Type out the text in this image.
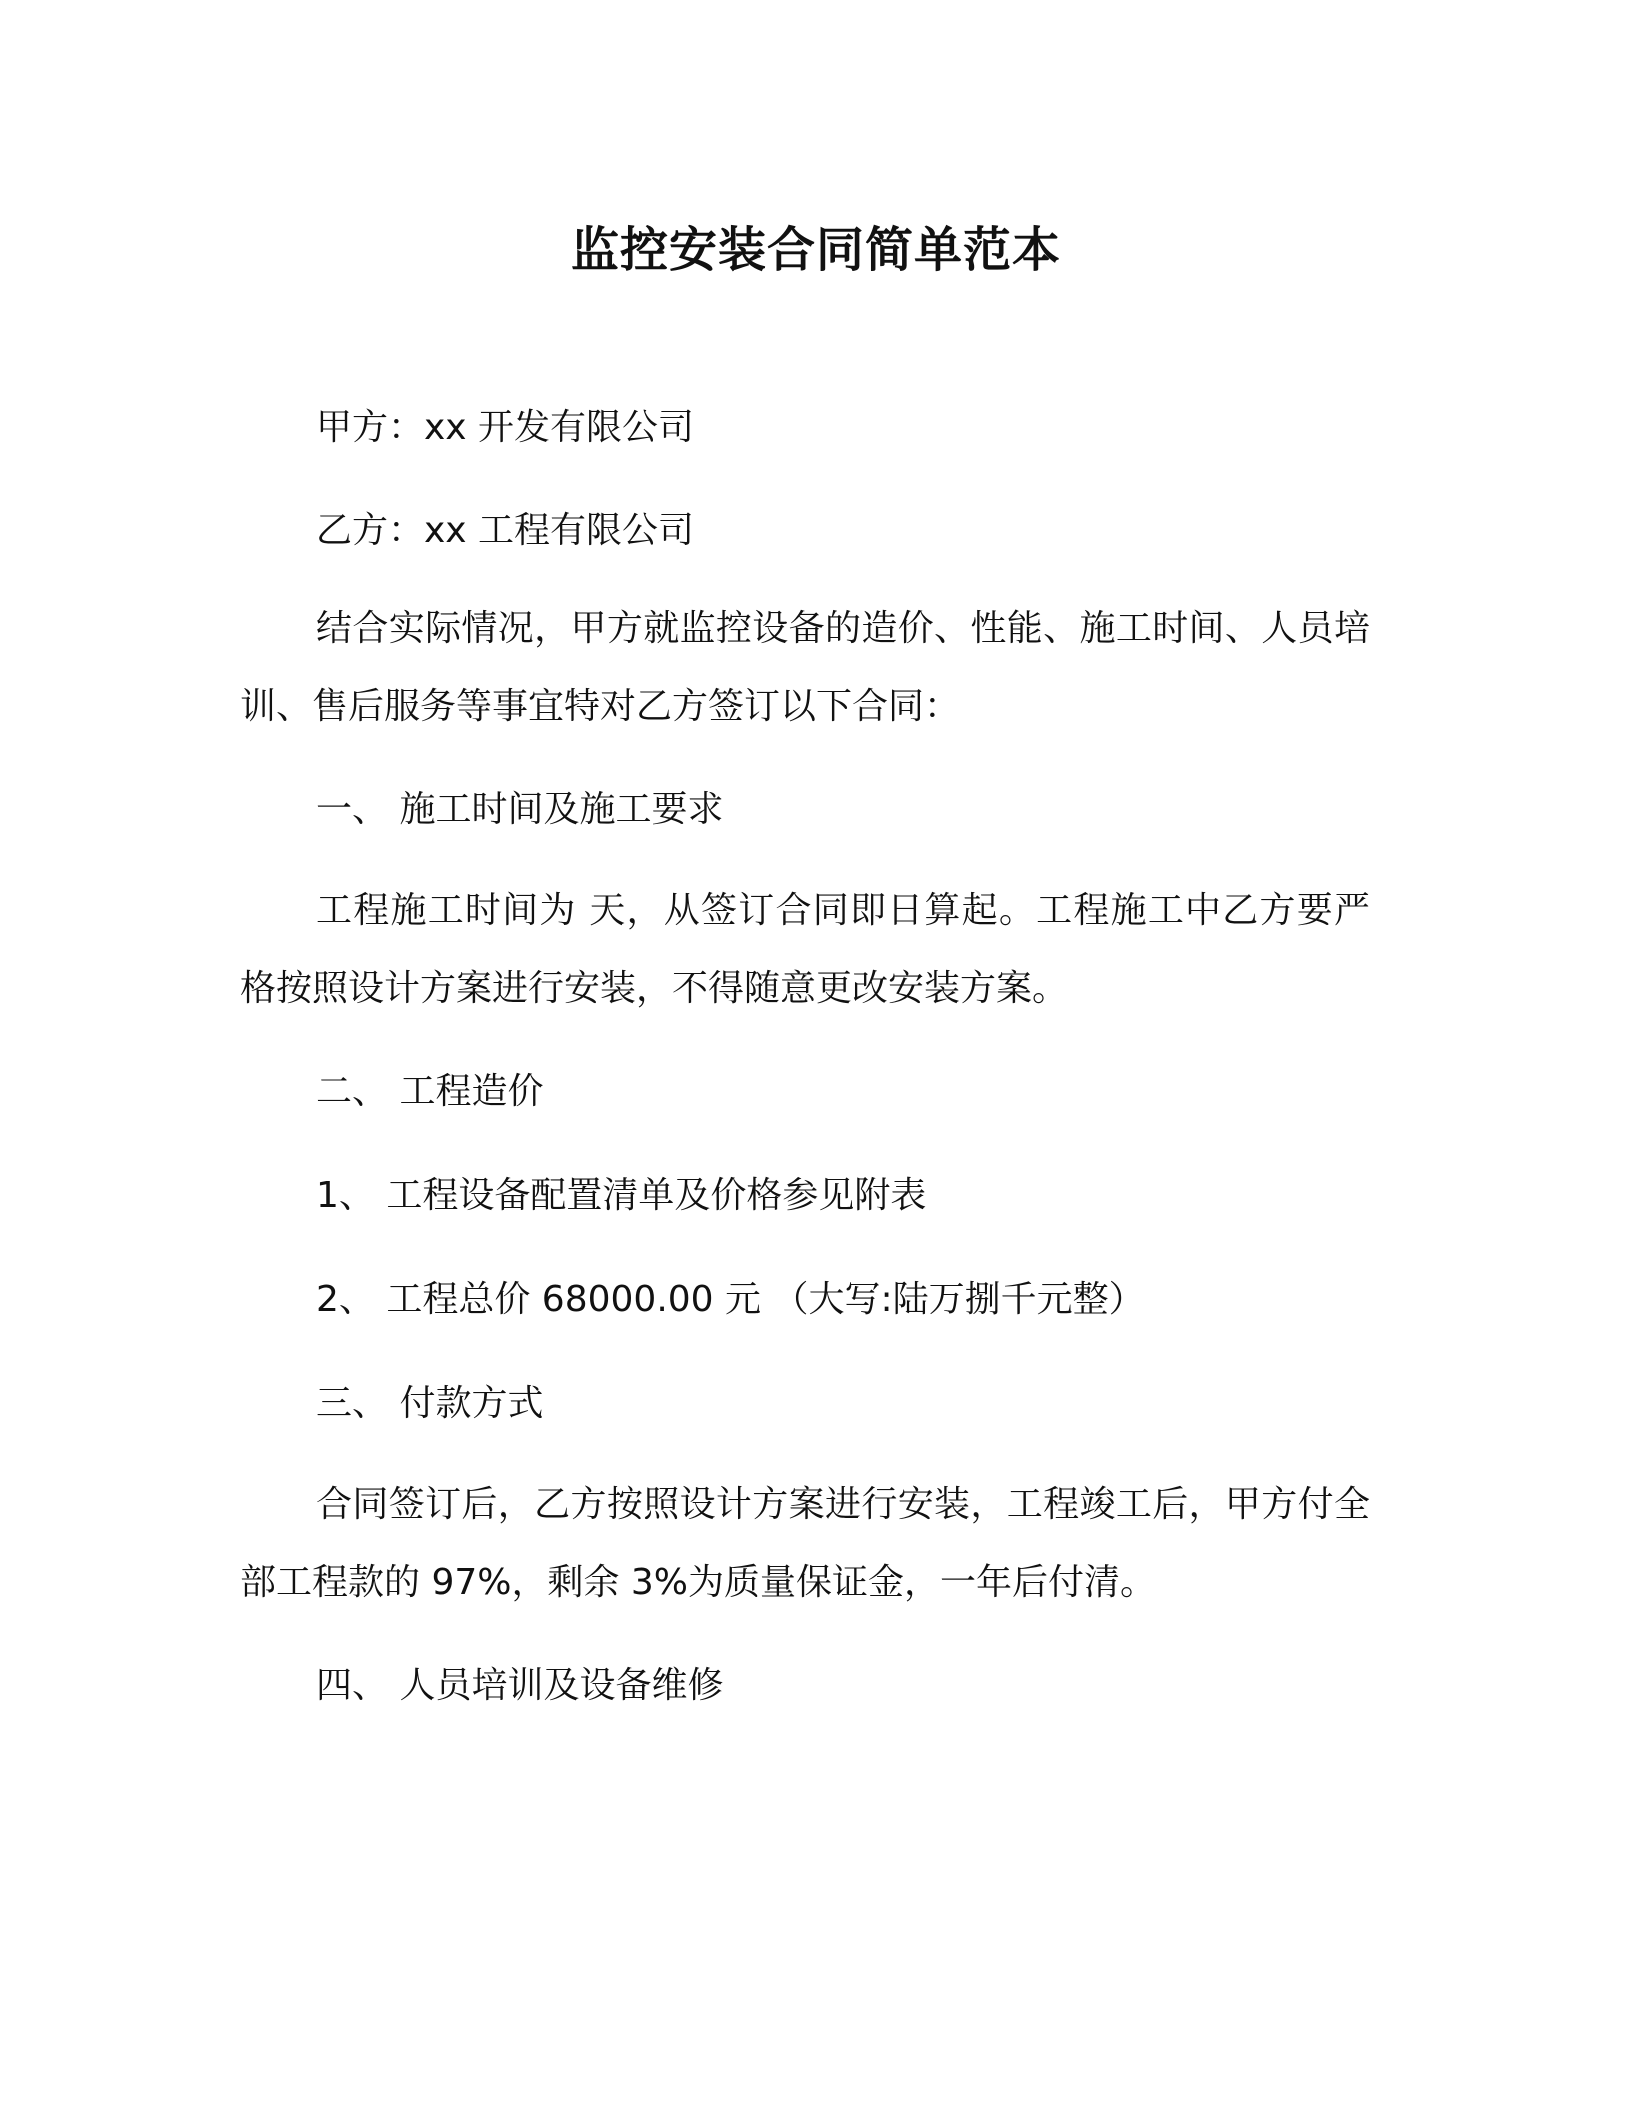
监控安装合同简单范本
甲方：xx 开发有限公司
乙方：xx 工程有限公司
结合实际情况，甲方就监控设备的造价、性能、施工时间、人员培训、售后服务等事宜特对乙方签订以下合同：
一、 施工时间及施工要求
工程施工时间为 天，从签订合同即日算起。工程施工中乙方要严格按照设计方案进行安装，不得随意更改安装方案。
二、 工程造价
1、 工程设备配置清单及价格参见附表
2、 工程总价 68000.00 元 （大写:陆万捌千元整）
三、 付款方式
合同签订后，乙方按照设计方案进行安装，工程竣工后，甲方付全部工程款的 97%，剩余 3%为质量保证金，一年后付清。
四、 人员培训及设备维修
